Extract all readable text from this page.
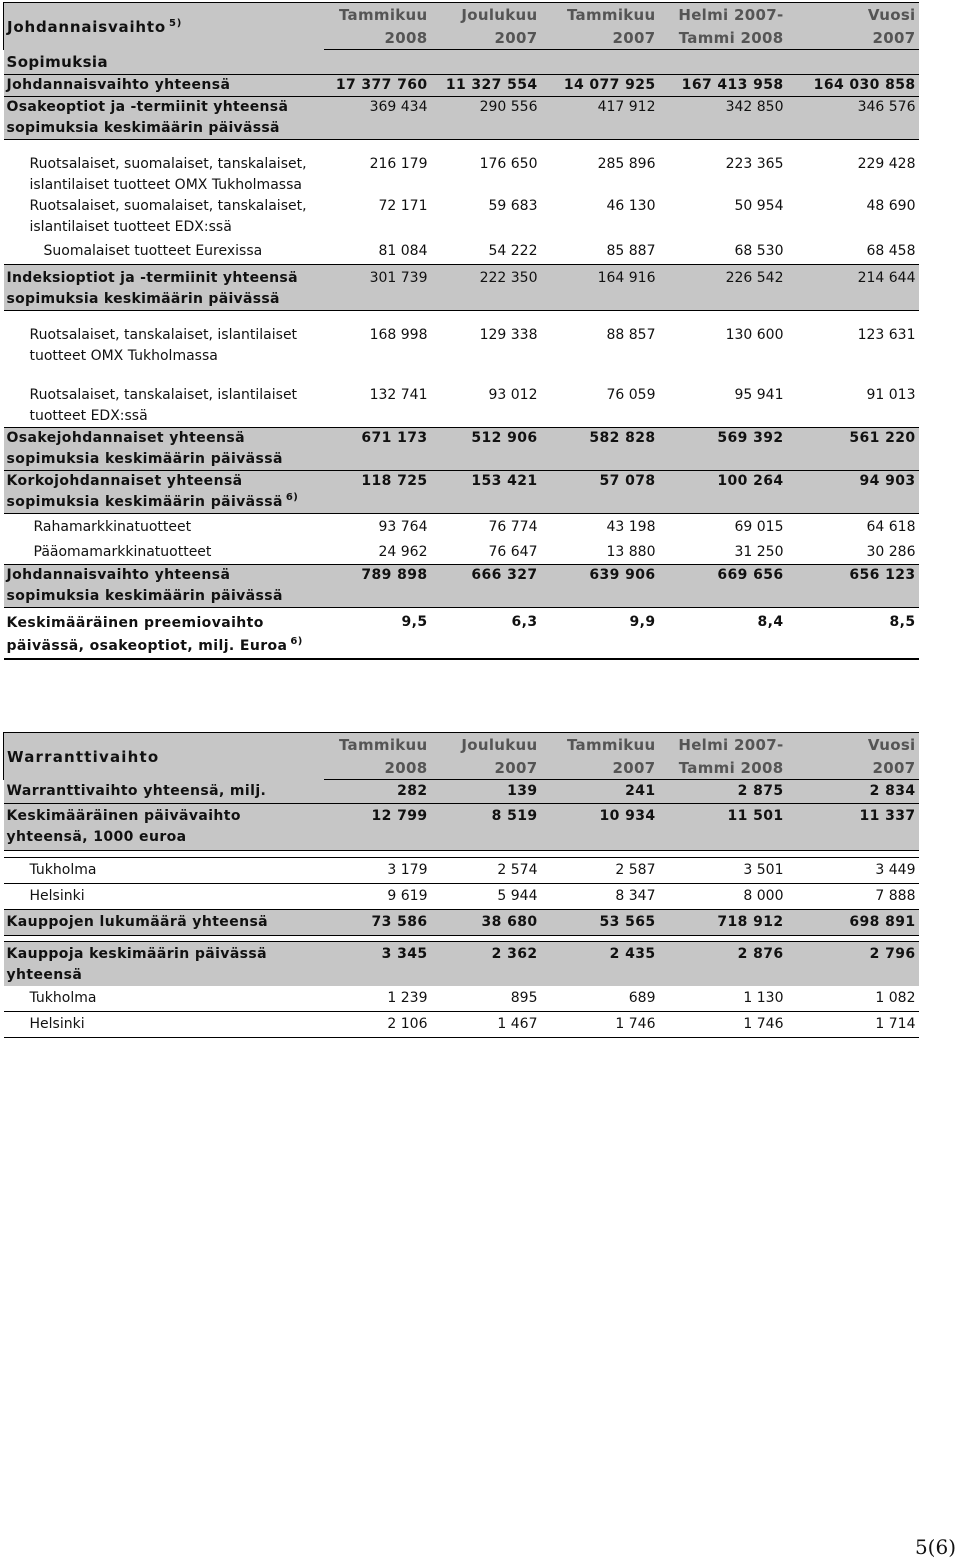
Johdannaisvaihto $^{5)}$	Tammikuu	Joulukuu	Tammikuu	Helmi 2007-	Vuosi
	2008	2007	2007	Tammi 2008	2007
Sopimuksia					
Johdannaisvaihto yhteensä	17 377 760	11 327 554	14 077 925	167 413 958	164 030 858
Osakeoptiot ja -termiinit yhteensä sopimuksia keskimäärin päivässä	369 434	290 556	417 912	342 850	346 576

Ruotsalaiset, suomalaiset, tanskalaiset, islantilaiset tuotteet OMX Tukholmassa	216 179	176 650	285 896	223 365	229 428
Ruotsalaiset, suomalaiset, tanskalaiset, islantilaiset tuotteet EDX:ssä	72 171	59 683	46 130	50 954	48 690
Suomalaiset tuotteet Eurexissa	81 084	54 222	85 887	68 530	68 458
Indeksioptiot ja -termiinit yhteensä sopimuksia keskimäärin päivässä	301 739	222 350	164 916	226 542	214 644

Ruotsalaiset, tanskalaiset, islantilaiset tuotteet OMX Tukholmassa	168 998	129 338	88 857	130 600	123 631

Ruotsalaiset, tanskalaiset, islantilaiset tuotteet EDX:ssä	132 741	93 012	76 059	95 941	91 013
Osakejohdannaiset yhteensä sopimuksia keskimäärin päivässä	671 173	512 906	582 828	569 392	561 220
Korkojohdannaiset yhteensä sopimuksia keskimäärin päivässä $^{6)}$	118 725	153 421	57 078	100 264	94 903
Rahamarkkinatuotteet	93 764	76 774	43 198	69 015	64 618
Pääomamarkkinatuotteet	24 962	76 647	13 880	31 250	30 286
Johdannaisvaihto yhteensä sopimuksia keskimäärin päivässä	789 898	666 327	639 906	669 656	656 123
Keskimääräinen preemiovaihto päivässä, osakeoptiot, milj. Euroa $^{6)}$	9,5	6,3	9,9	8,4	8,5
Warranttivaihto	Tammikuu	Joulukuu	Tammikuu	Helmi 2007-	Vuosi
	2008	2007	2007	Tammi 2008	2007
Warranttivaihto yhteensä, milj.	282	139	241	2 875	2 834
Keskimääräinen päivävaihto yhteensä, 1000 euroa	12 799	8 519	10 934	11 501	11 337

Tukholma	3 179	2 574	2 587	3 501	3 449
Helsinki	9 619	5 944	8 347	8 000	7 888
Kauppojen lukumäärä yhteensä	73 586	38 680	53 565	718 912	698 891

Kauppoja keskimäärin päivässä yhteensä	3 345	2 362	2 435	2 876	2 796
Tukholma	1 239	895	689	1 130	1 082
Helsinki	2 106	1 467	1 746	1 746	1 714
5(6)
